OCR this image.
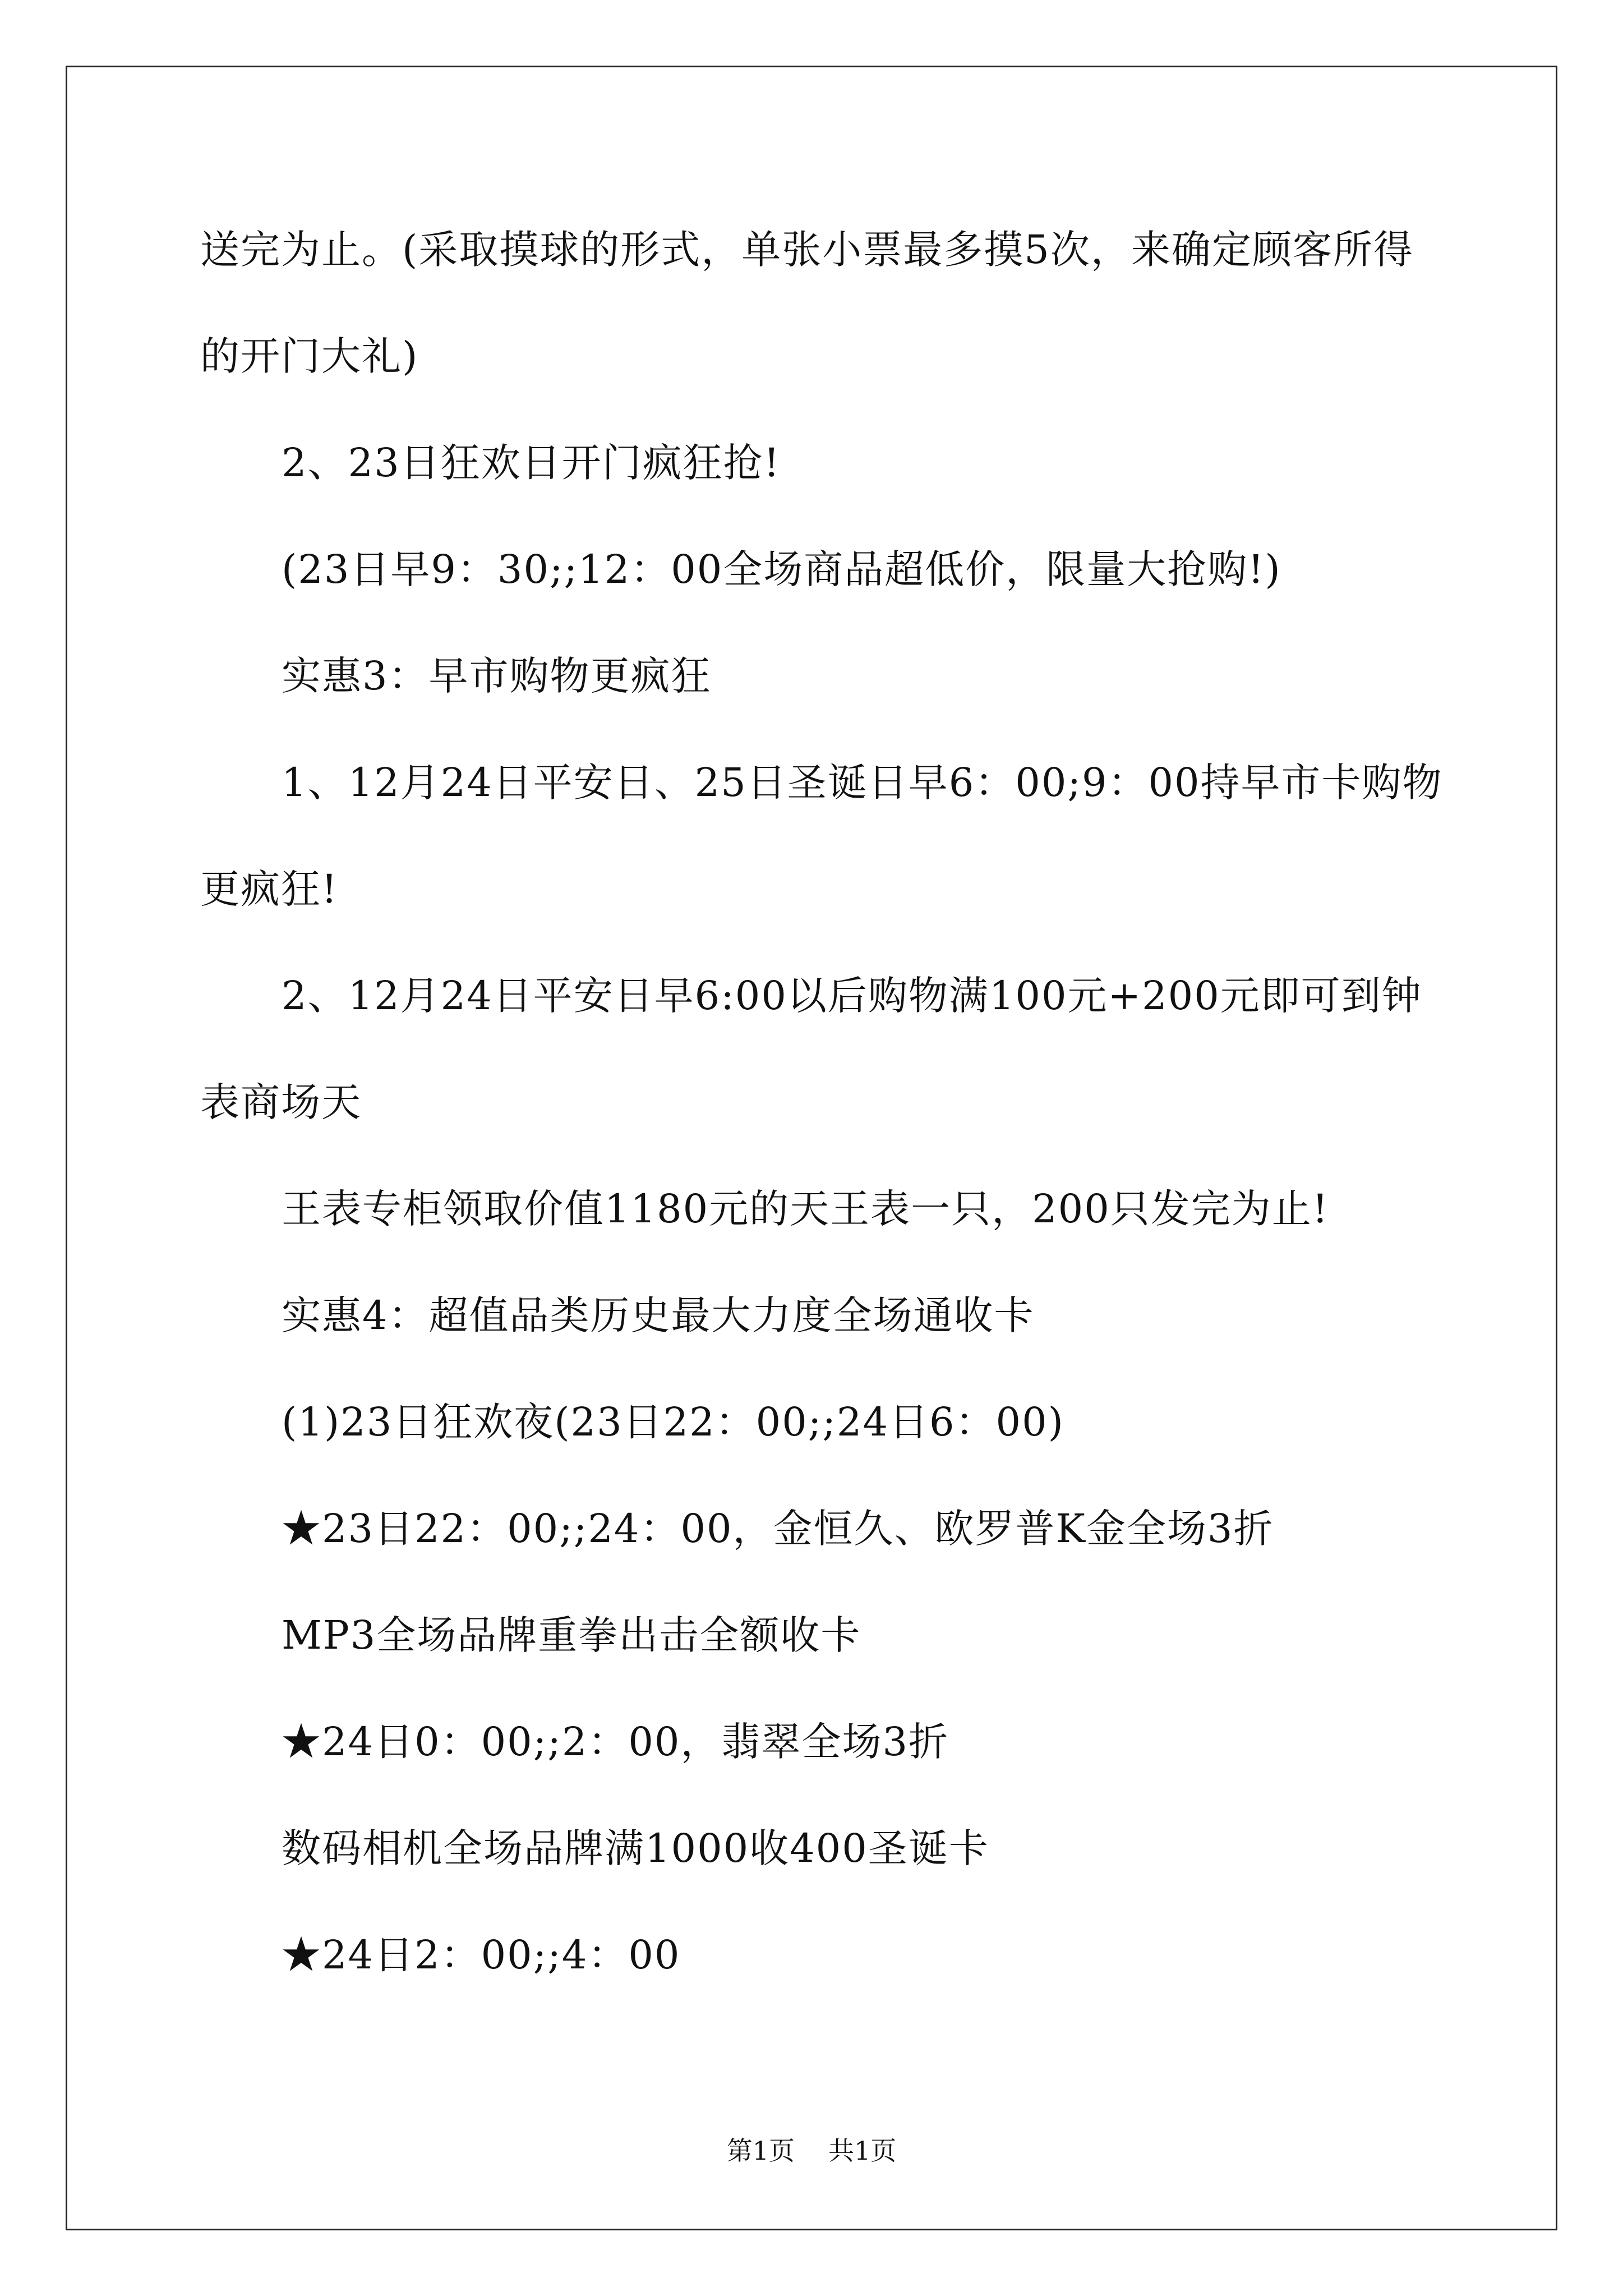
送完为止。(采取摸球的形式，单张小票最多摸5次，来确定顾客所得
的开门大礼)
2、23日狂欢日开门疯狂抢!
(23日早9：30;;12：00全场商品超低价，限量大抢购!)
实惠3：早市购物更疯狂
1、12月24日平安日、25日圣诞日早6：00;9：00持早市卡购物
更疯狂!
2、12月24日平安日早6:00以后购物满100元+200元即可到钟
表商场天
王表专柜领取价值1180元的天王表一只，200只发完为止!
实惠4：超值品类历史最大力度全场通收卡
(1)23日狂欢夜(23日22：00;;24日6：00)
★23日22：00;;24：00，金恒久、欧罗普K金全场3折
MP3全场品牌重拳出击全额收卡
★24日0：00;;2：00，翡翠全场3折
数码相机全场品牌满1000收400圣诞卡
★24日2：00;;4：00
第1页 共1页
